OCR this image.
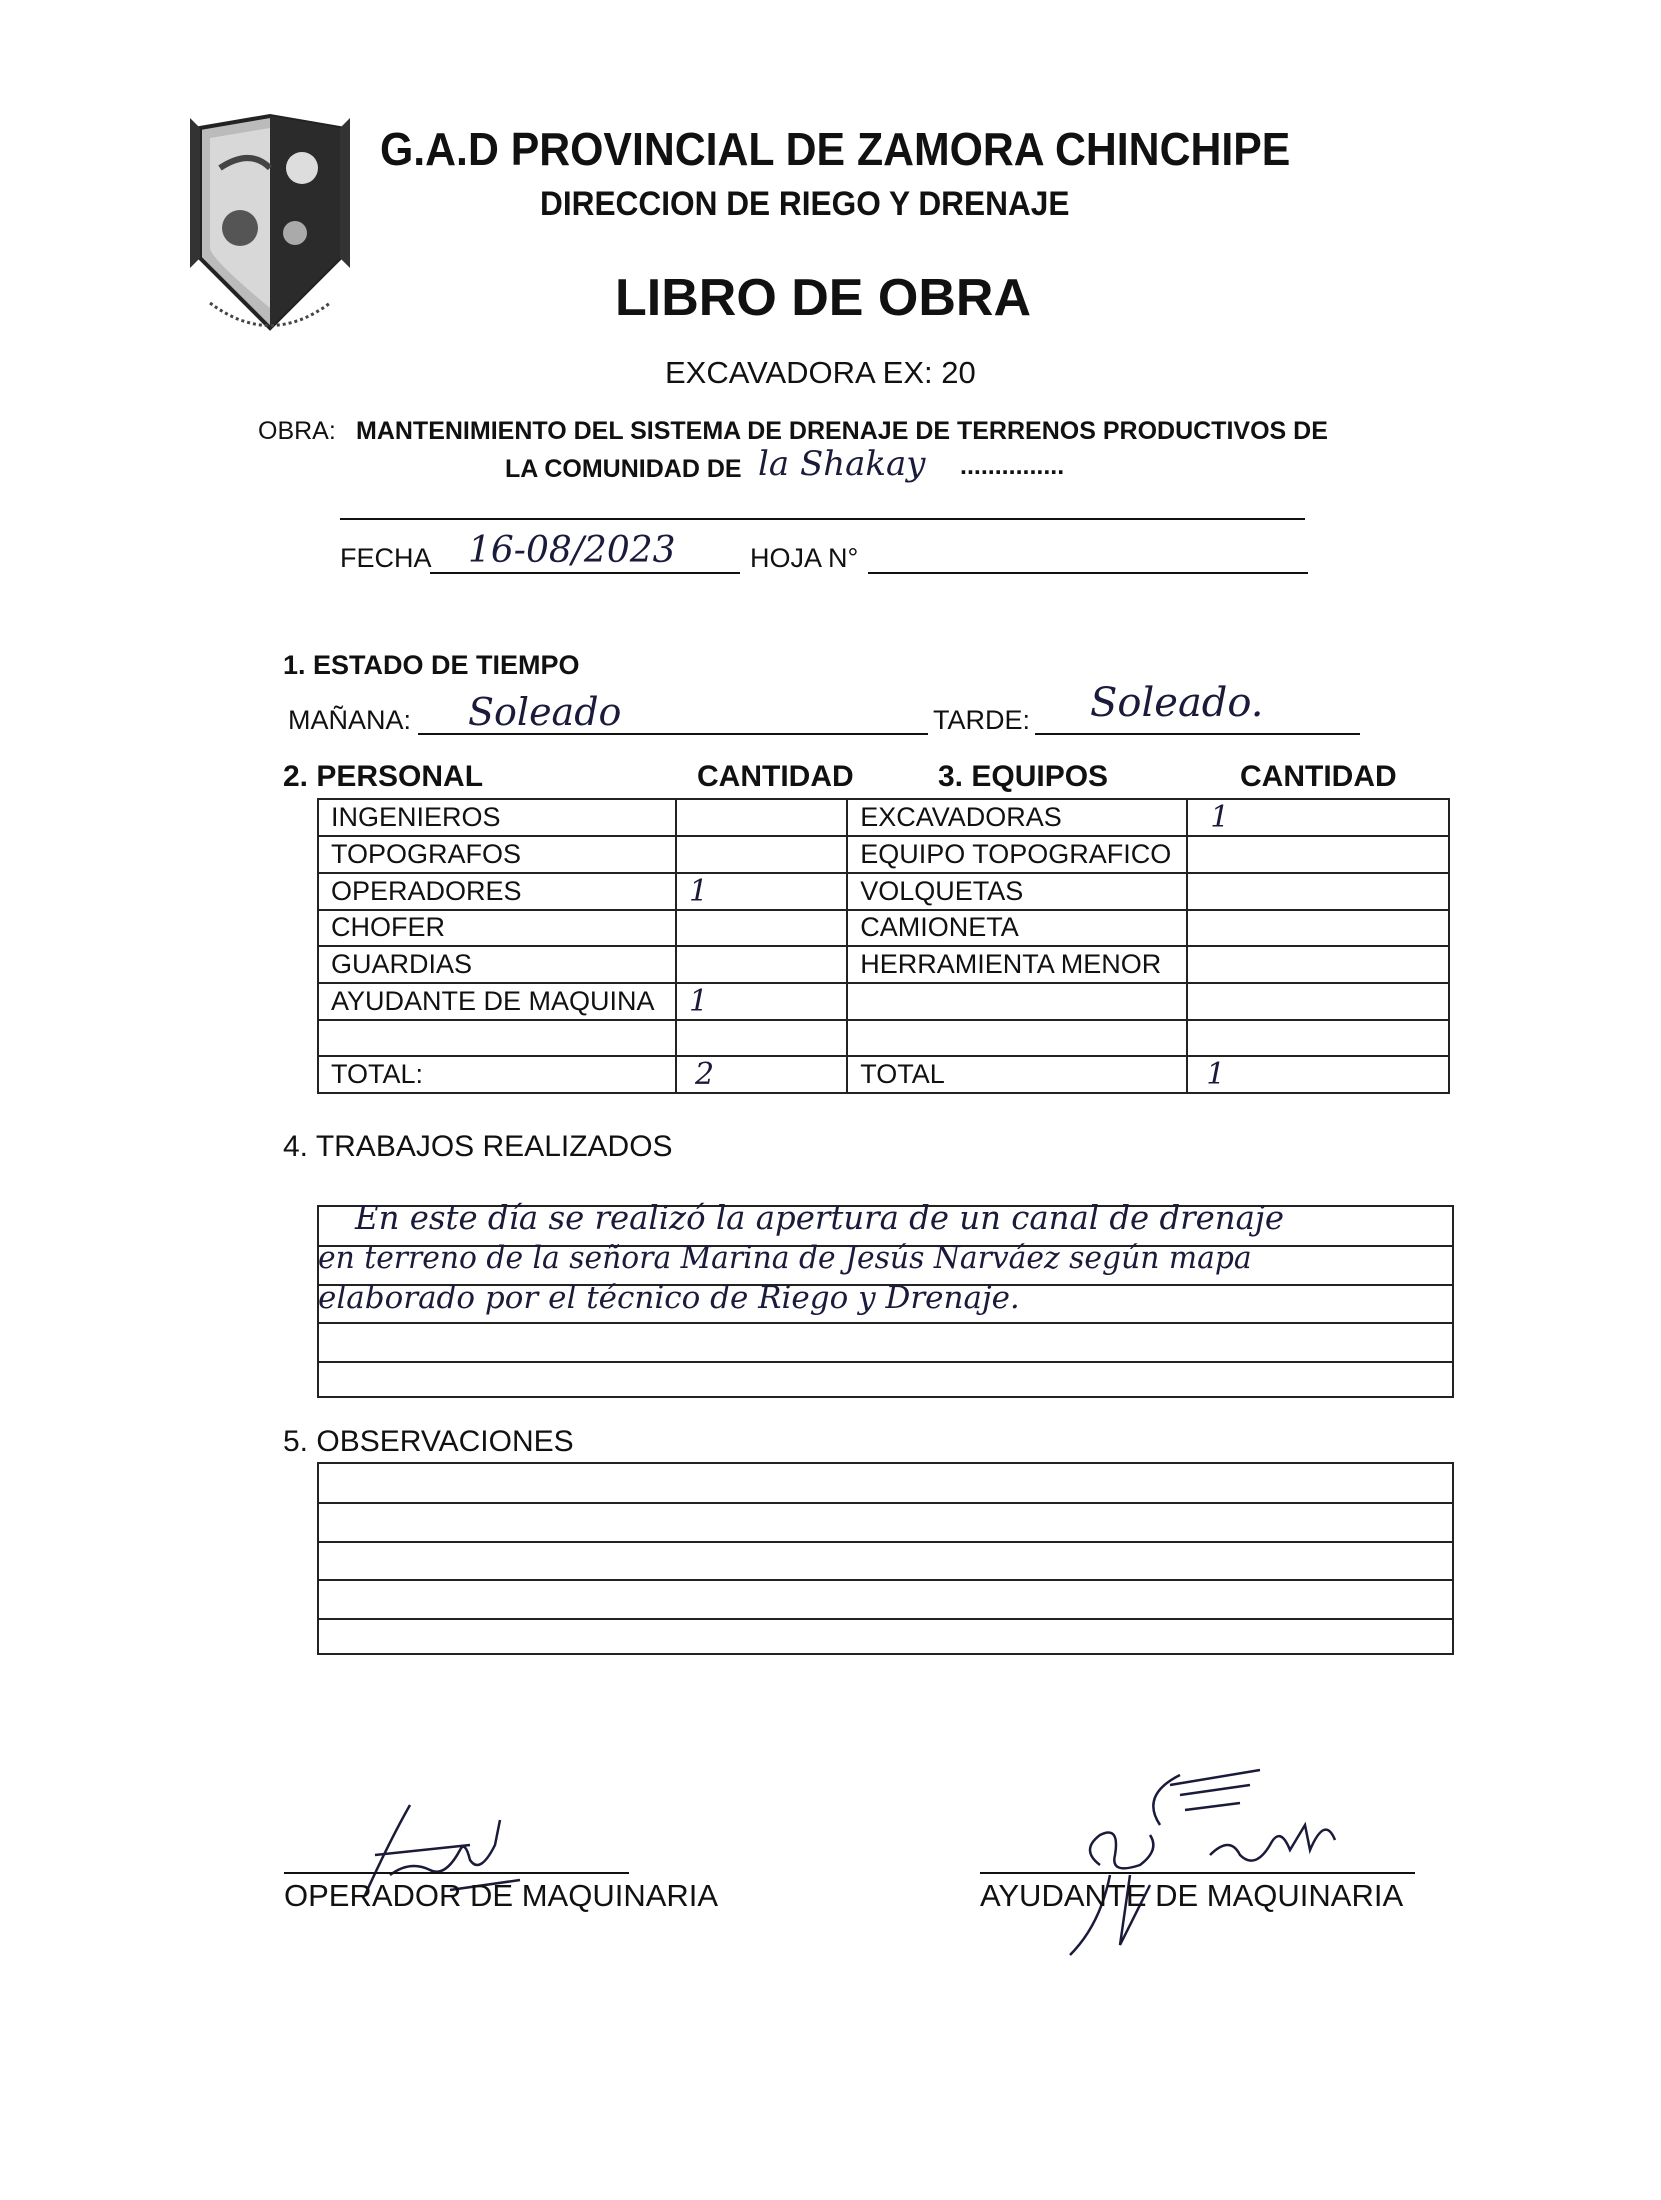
G.A.D PROVINCIAL DE ZAMORA CHINCHIPE
DIRECCION DE RIEGO Y DRENAJE
LIBRO DE OBRA
EXCAVADORA EX: 20
OBRA: MANTENIMIENTO DEL SISTEMA DE DRENAJE DE TERRENOS PRODUCTIVOS DE
LA COMUNIDAD DE la Shakay ...............
FECHA 16-08/2023	HOJA N°
1. ESTADO DE TIEMPO
MAÑANA: Soleado	TARDE: Soleado.
2. PERSONAL	CANTIDAD	3. EQUIPOS	CANTIDAD
INGENIEROS		EXCAVADORAS	1
TOPOGRAFOS		EQUIPO TOPOGRAFICO	
OPERADORES	1	VOLQUETAS	
CHOFER		CAMIONETA	
GUARDIAS		HERRAMIENTA MENOR	
AYUDANTE DE MAQUINA	1		

TOTAL:	2	TOTAL	1
4. TRABAJOS REALIZADOS
En este día se realizó la apertura de un canal de drenaje
en terreno de la señora Marina de Jesús Narváez según mapa
elaborado por el técnico de Riego y Drenaje.
5. OBSERVACIONES
OPERADOR DE MAQUINARIA	AYUDANTE DE MAQUINARIA
